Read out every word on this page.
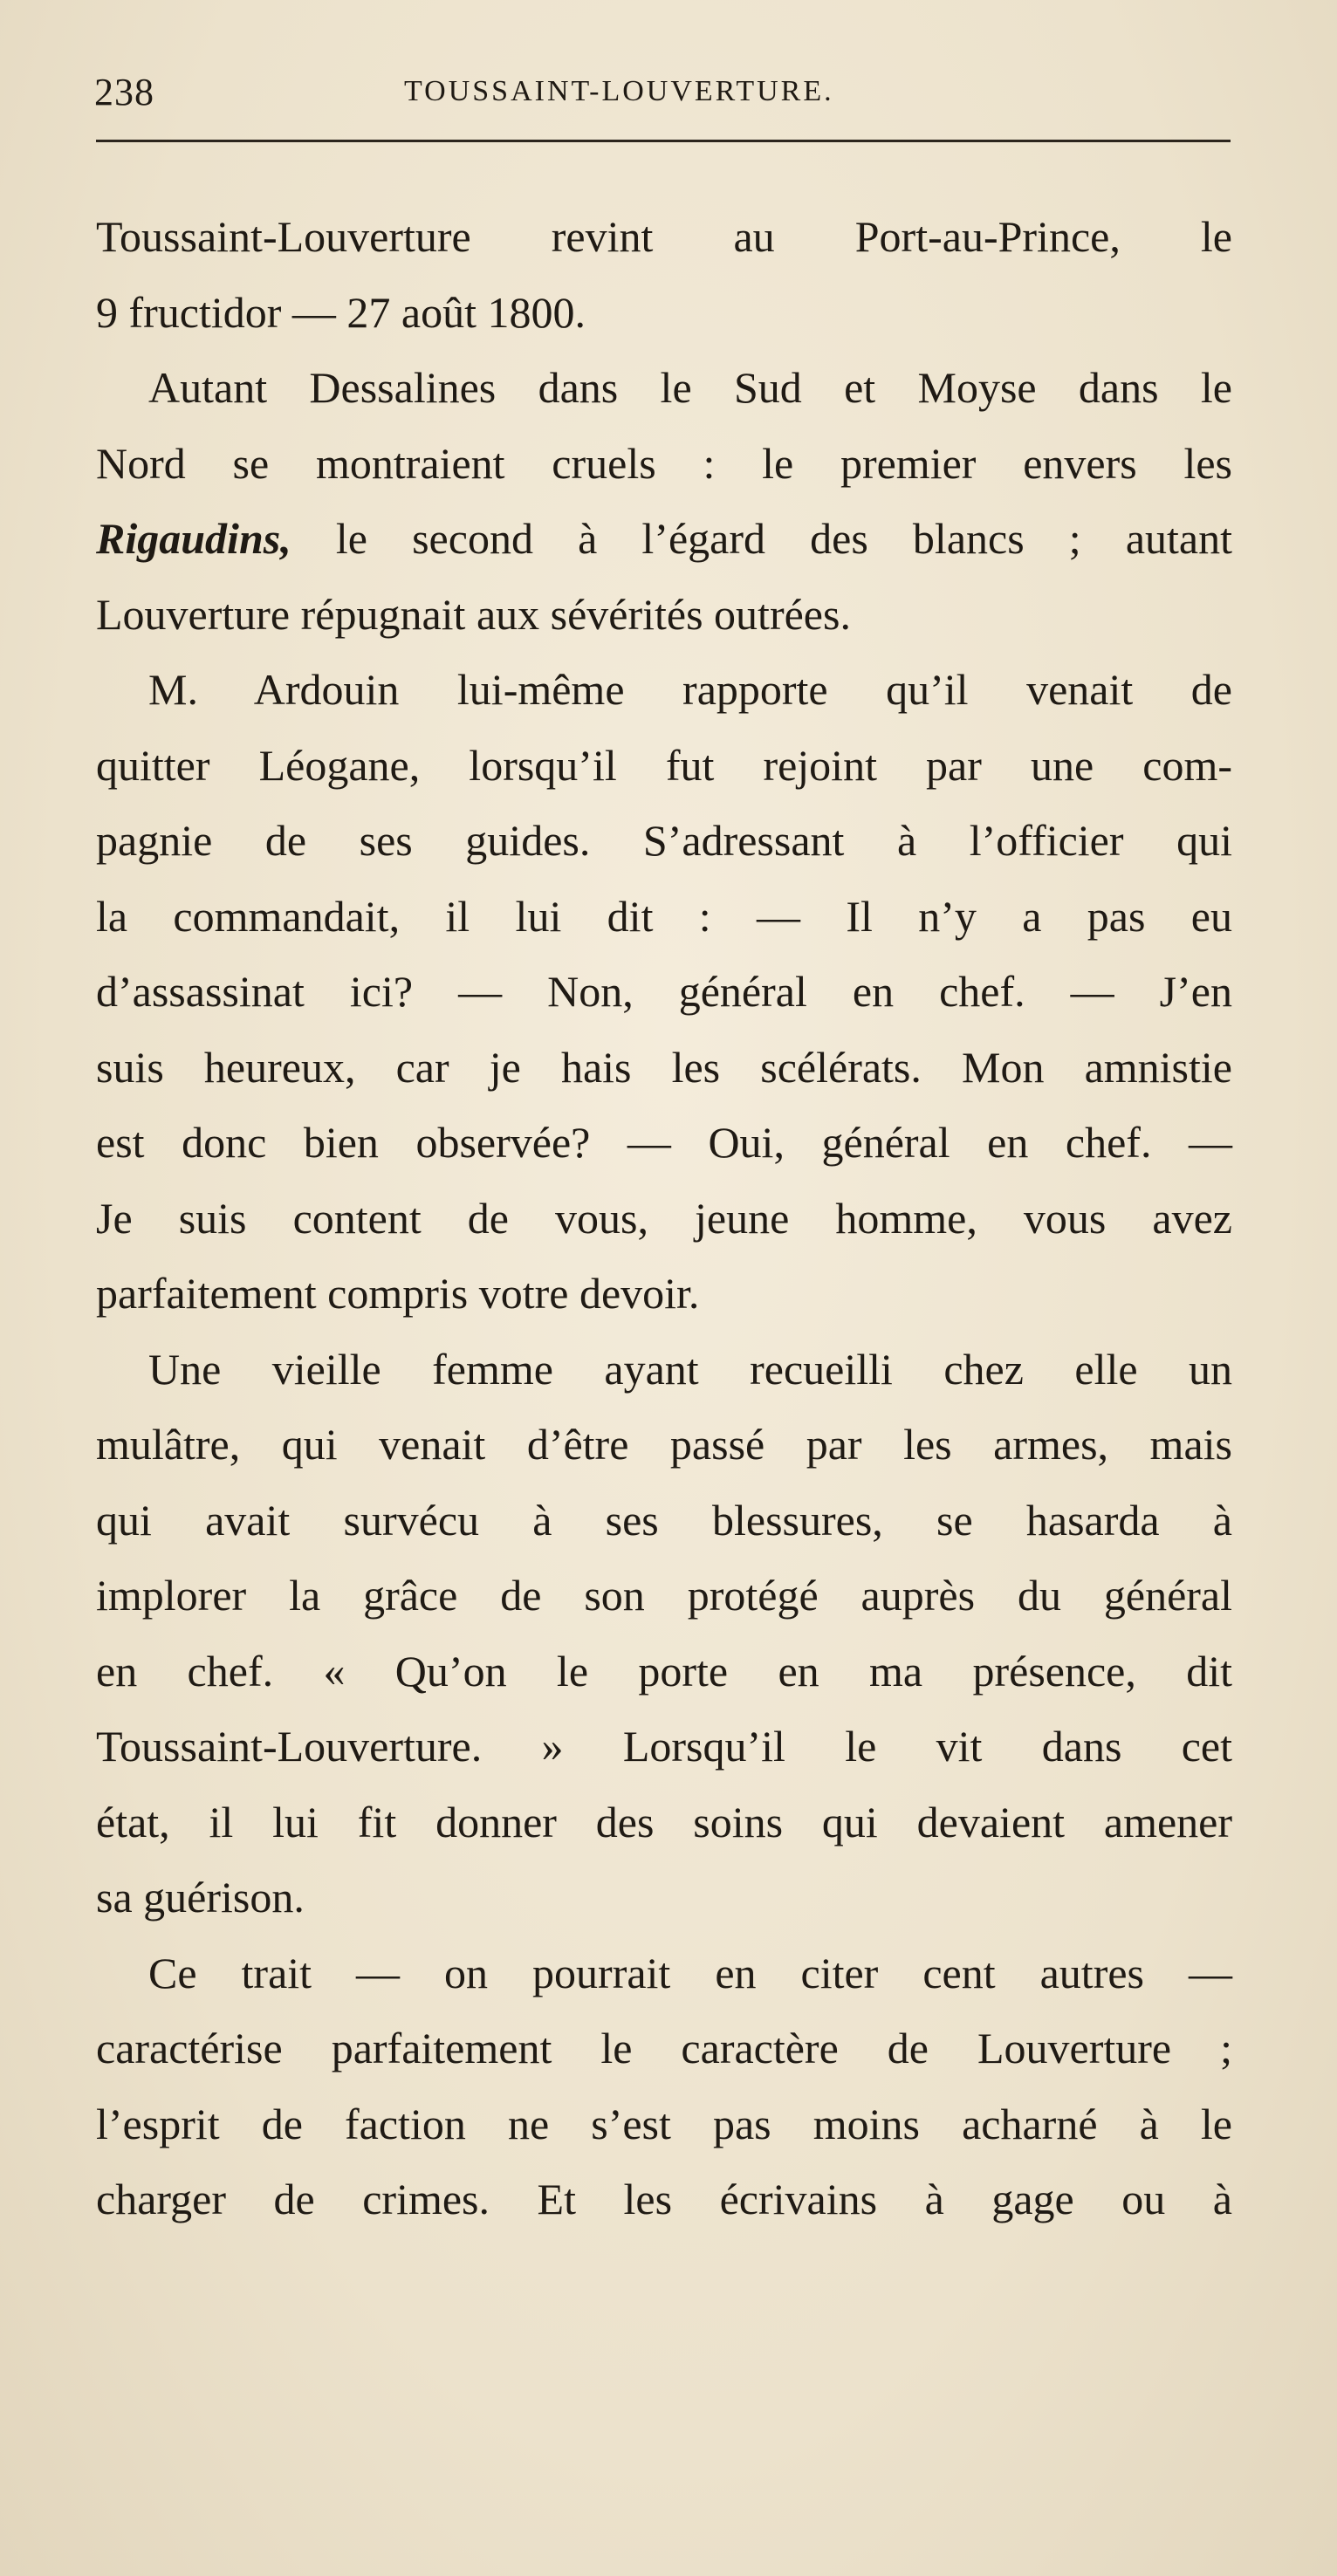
238	TOUSSAINT-LOUVERTURE.
Toussaint-Louverture revint au Port-au-Prince, le
9 fructidor — 27 août 1800.
Autant Dessalines dans le Sud et Moyse dans le
Nord se montraient cruels : le premier envers les
Rigaudins, le second à l’égard des blancs ; autant
Louverture répugnait aux sévérités outrées.
M. Ardouin lui-même rapporte qu’il venait de
quitter Léogane, lorsqu’il fut rejoint par une com-
pagnie de ses guides. S’adressant à l’officier qui
la commandait, il lui dit : — Il n’y a pas eu
d’assassinat ici? — Non, général en chef. — J’en
suis heureux, car je hais les scélérats. Mon amnistie
est donc bien observée? — Oui, général en chef. —
Je suis content de vous, jeune homme, vous avez
parfaitement compris votre devoir.
Une vieille femme ayant recueilli chez elle un
mulâtre, qui venait d’être passé par les armes, mais
qui avait survécu à ses blessures, se hasarda à
implorer la grâce de son protégé auprès du général
en chef. « Qu’on le porte en ma présence, dit
Toussaint-Louverture. » Lorsqu’il le vit dans cet
état, il lui fit donner des soins qui devaient amener
sa guérison.
Ce trait — on pourrait en citer cent autres —
caractérise parfaitement le caractère de Louverture ;
l’esprit de faction ne s’est pas moins acharné à le
charger de crimes. Et les écrivains à gage ou à
